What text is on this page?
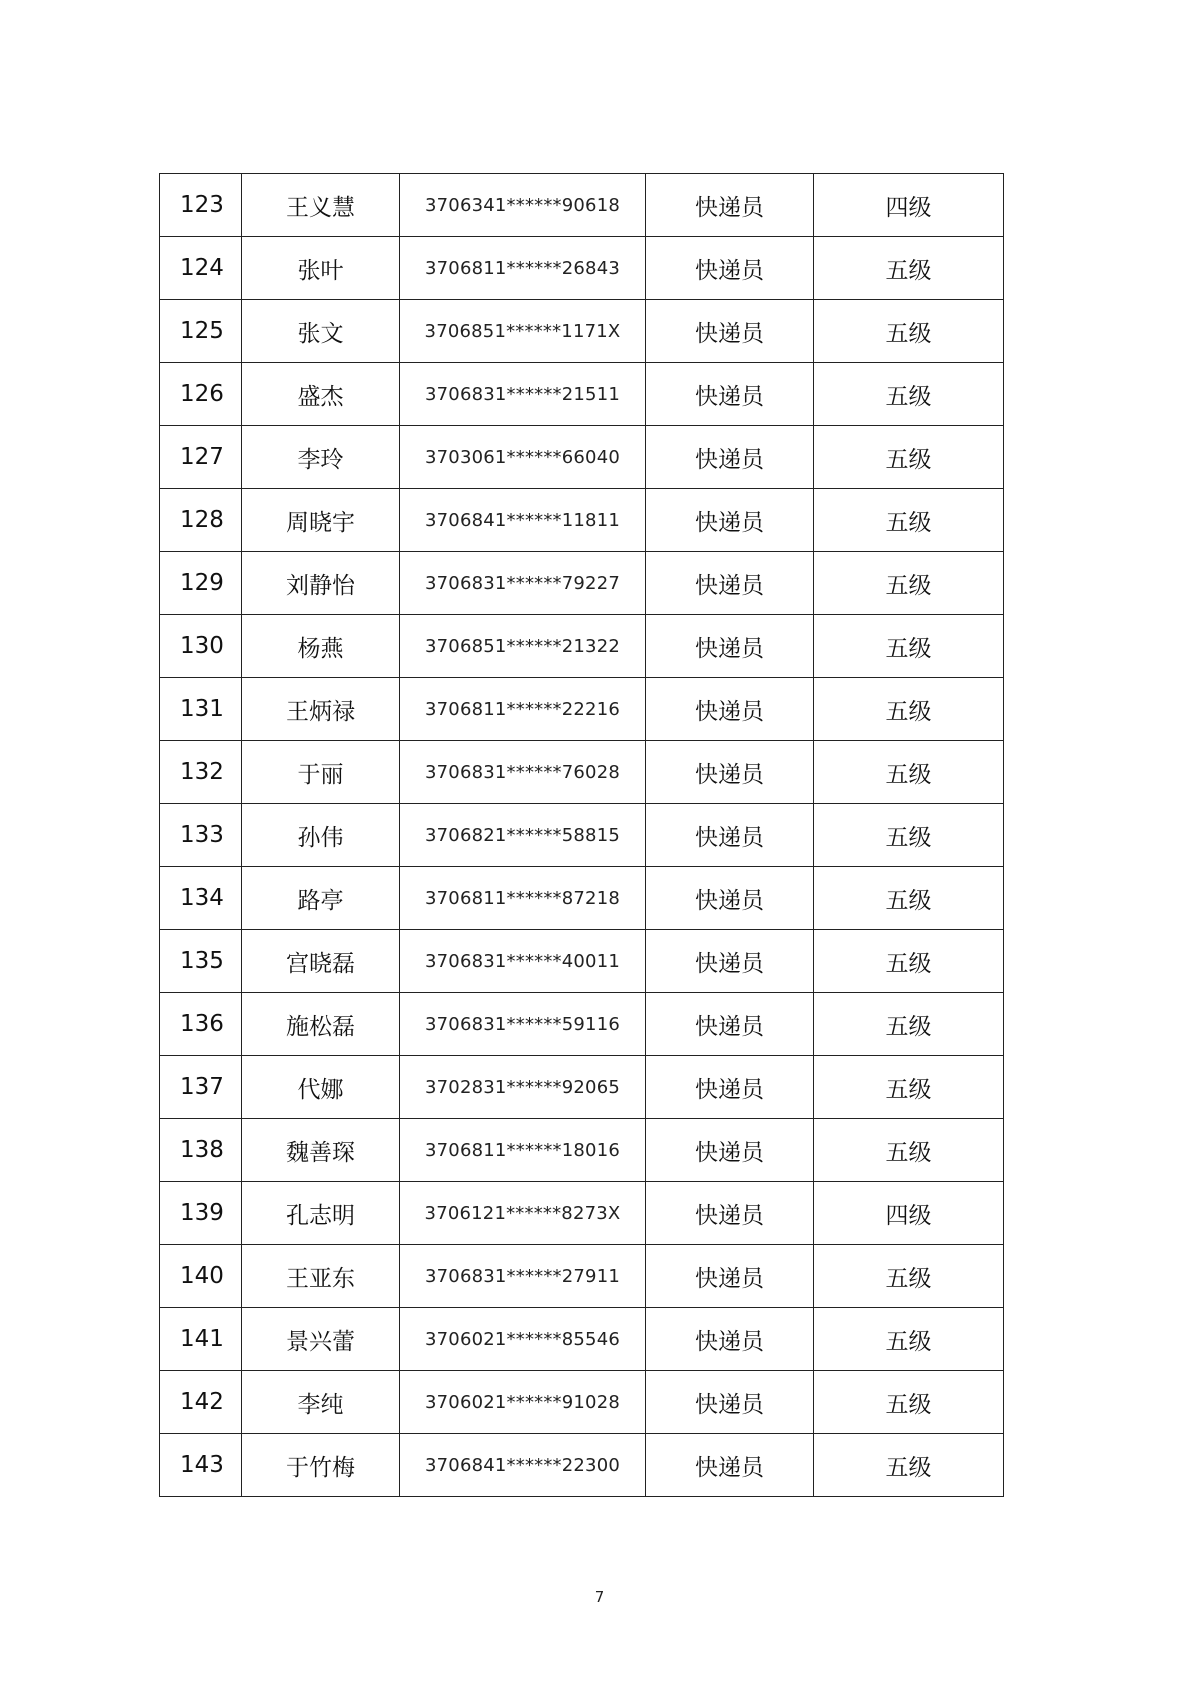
123	王义慧	3706341******90618	快递员	四级
124	张叶	3706811******26843	快递员	五级
125	张文	3706851******1171X	快递员	五级
126	盛杰	3706831******21511	快递员	五级
127	李玲	3703061******66040	快递员	五级
128	周晓宇	3706841******11811	快递员	五级
129	刘静怡	3706831******79227	快递员	五级
130	杨燕	3706851******21322	快递员	五级
131	王炳禄	3706811******22216	快递员	五级
132	于丽	3706831******76028	快递员	五级
133	孙伟	3706821******58815	快递员	五级
134	路亭	3706811******87218	快递员	五级
135	宫晓磊	3706831******40011	快递员	五级
136	施松磊	3706831******59116	快递员	五级
137	代娜	3702831******92065	快递员	五级
138	魏善琛	3706811******18016	快递员	五级
139	孔志明	3706121******8273X	快递员	四级
140	王亚东	3706831******27911	快递员	五级
141	景兴蕾	3706021******85546	快递员	五级
142	李纯	3706021******91028	快递员	五级
143	于竹梅	3706841******22300	快递员	五级
7
